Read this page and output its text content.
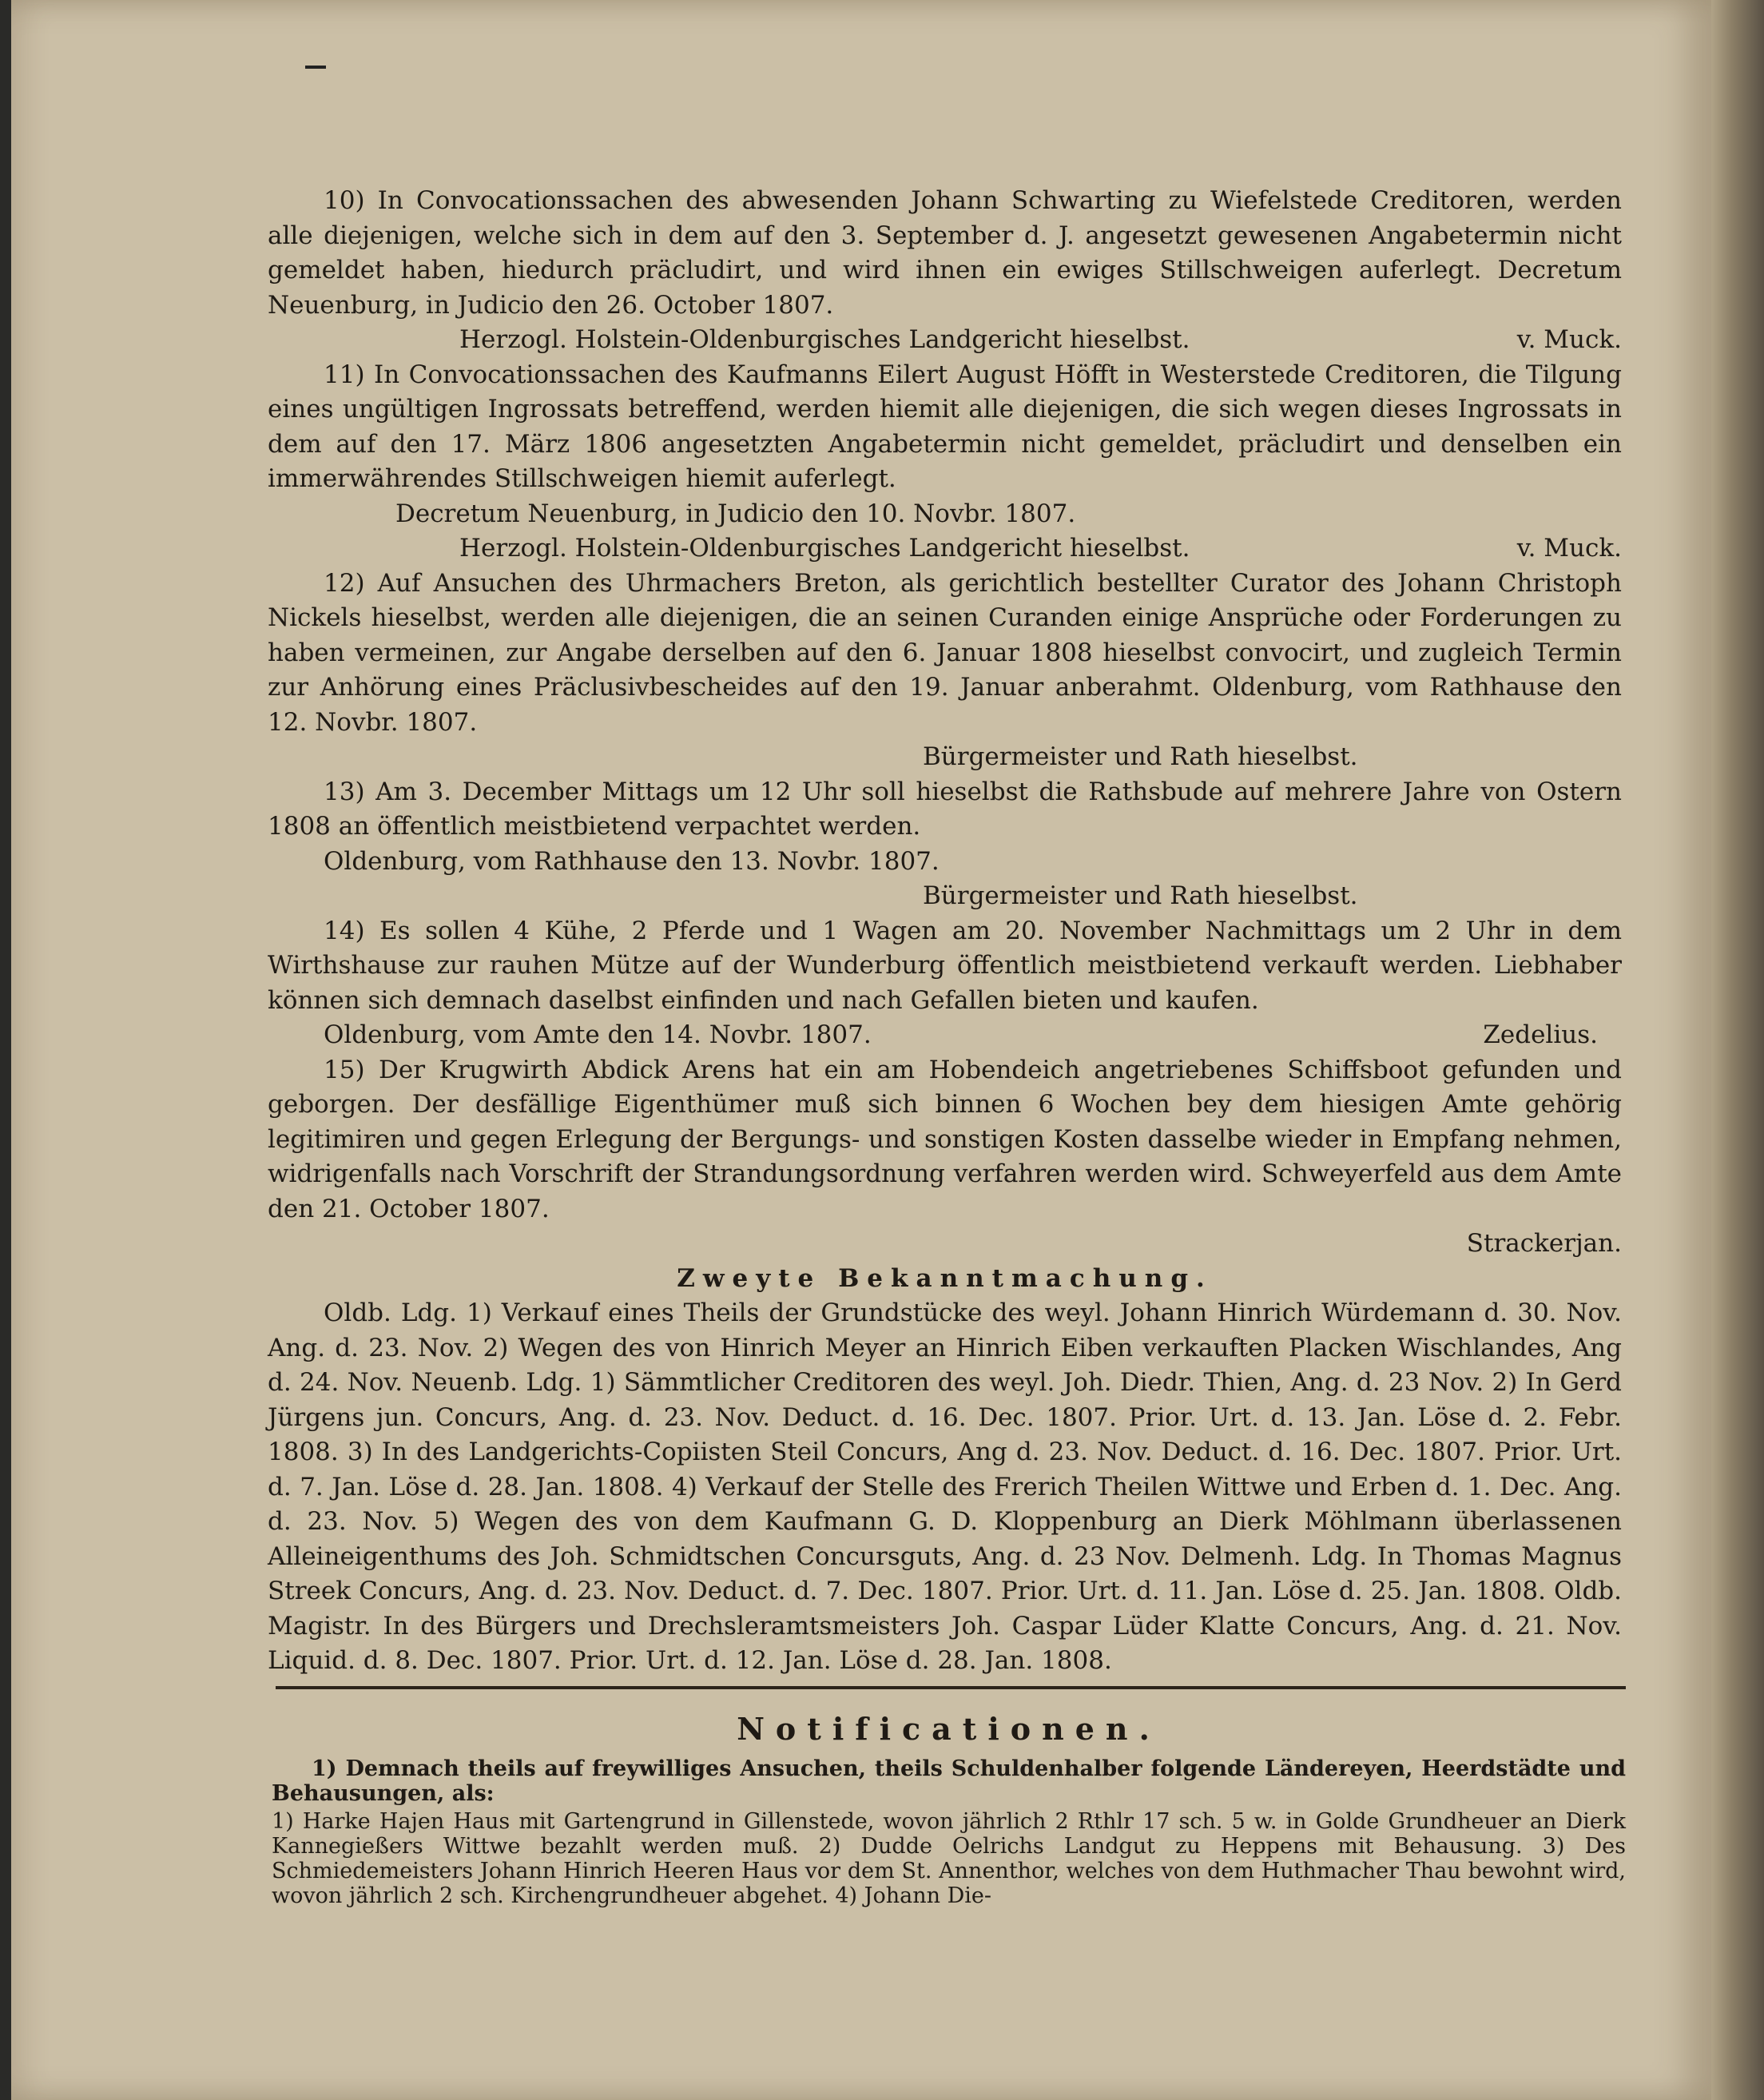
10) In Convocationssachen des abwesenden Johann Schwarting zu Wiefelstede Creditoren, werden alle diejenigen, welche sich in dem auf den 3. September d. J. angesetzt gewesenen Angabetermin nicht gemeldet haben, hiedurch präcludirt, und wird ihnen ein ewiges Stillschweigen auferlegt. Decretum Neuenburg, in Judicio den 26. October 1807.

Herzogl. Holstein-Oldenburgisches Landgericht hieselbst.	v. Muck.

11) In Convocationssachen des Kaufmanns Eilert August Höfft in Westerstede Creditoren, die Tilgung eines ungültigen Ingrossats betreffend, werden hiemit alle diejenigen, die sich wegen dieses Ingrossats in dem auf den 17. März 1806 angesetzten Angabetermin nicht gemeldet, präcludirt und denselben ein immerwährendes Stillschweigen hiemit auferlegt.

Decretum Neuenburg, in Judicio den 10. Novbr. 1807.

Herzogl. Holstein-Oldenburgisches Landgericht hieselbst.	v. Muck.

12) Auf Ansuchen des Uhrmachers Breton, als gerichtlich bestellter Curator des Johann Christoph Nickels hieselbst, werden alle diejenigen, die an seinen Curanden einige Ansprüche oder Forderungen zu haben vermeinen, zur Angabe derselben auf den 6. Januar 1808 hieselbst convocirt, und zugleich Termin zur Anhörung eines Präclusivbescheides auf den 19. Januar anberahmt. Oldenburg, vom Rathhause den 12. Novbr. 1807.

Bürgermeister und Rath hieselbst.

13) Am 3. December Mittags um 12 Uhr soll hieselbst die Rathsbude auf mehrere Jahre von Ostern 1808 an öffentlich meistbietend verpachtet werden.

Oldenburg, vom Rathhause den 13. Novbr. 1807.

Bürgermeister und Rath hieselbst.

14) Es sollen 4 Kühe, 2 Pferde und 1 Wagen am 20. November Nachmittags um 2 Uhr in dem Wirthshause zur rauhen Mütze auf der Wunderburg öffentlich meistbietend verkauft werden. Liebhaber können sich demnach daselbst einfinden und nach Gefallen bieten und kaufen.

Oldenburg, vom Amte den 14. Novbr. 1807.	Zedelius.

15) Der Krugwirth Abdick Arens hat ein am Hobendeich angetriebenes Schiffsboot gefunden und geborgen. Der desfällige Eigenthümer muß sich binnen 6 Wochen bey dem hiesigen Amte gehörig legitimiren und gegen Erlegung der Bergungs- und sonstigen Kosten dasselbe wieder in Empfang nehmen, widrigenfalls nach Vorschrift der Strandungsordnung verfahren werden wird. Schweyerfeld aus dem Amte den 21. October 1807.

Strackerjan.

Zweyte Bekanntmachung.

Oldb. Ldg. 1) Verkauf eines Theils der Grundstücke des weyl. Johann Hinrich Würdemann d. 30. Nov. Ang. d. 23. Nov. 2) Wegen des von Hinrich Meyer an Hinrich Eiben verkauften Placken Wischlandes, Ang d. 24. Nov. Neuenb. Ldg. 1) Sämmtlicher Creditoren des weyl. Joh. Diedr. Thien, Ang. d. 23 Nov. 2) In Gerd Jürgens jun. Concurs, Ang. d. 23. Nov. Deduct. d. 16. Dec. 1807. Prior. Urt. d. 13. Jan. Löse d. 2. Febr. 1808. 3) In des Landgerichts-Copiisten Steil Concurs, Ang d. 23. Nov. Deduct. d. 16. Dec. 1807. Prior. Urt. d. 7. Jan. Löse d. 28. Jan. 1808. 4) Verkauf der Stelle des Frerich Theilen Wittwe und Erben d. 1. Dec. Ang. d. 23. Nov. 5) Wegen des von dem Kaufmann G. D. Kloppenburg an Dierk Möhlmann überlassenen Alleineigenthums des Joh. Schmidtschen Concursguts, Ang. d. 23 Nov. Delmenh. Ldg. In Thomas Magnus Streek Concurs, Ang. d. 23. Nov. Deduct. d. 7. Dec. 1807. Prior. Urt. d. 11. Jan. Löse d. 25. Jan. 1808. Oldb. Magistr. In des Bürgers und Drechsleramtsmeisters Joh. Caspar Lüder Klatte Concurs, Ang. d. 21. Nov. Liquid. d. 8. Dec. 1807. Prior. Urt. d. 12. Jan. Löse d. 28. Jan. 1808.

Notificationen.

1) Demnach theils auf freywilliges Ansuchen, theils Schuldenhalber folgende Ländereyen, Heerdstädte und Behausungen, als:

1) Harke Hajen Haus mit Gartengrund in Gillenstede, wovon jährlich 2 Rthlr 17 sch. 5 w. in Golde Grundheuer an Dierk Kannegießers Wittwe bezahlt werden muß. 2) Dudde Oelrichs Landgut zu Heppens mit Behausung. 3) Des Schmiedemeisters Johann Hinrich Heeren Haus vor dem St. Annenthor, welches von dem Huthmacher Thau bewohnt wird, wovon jährlich 2 sch. Kirchengrundheuer abgehet. 4) Johann Die-
